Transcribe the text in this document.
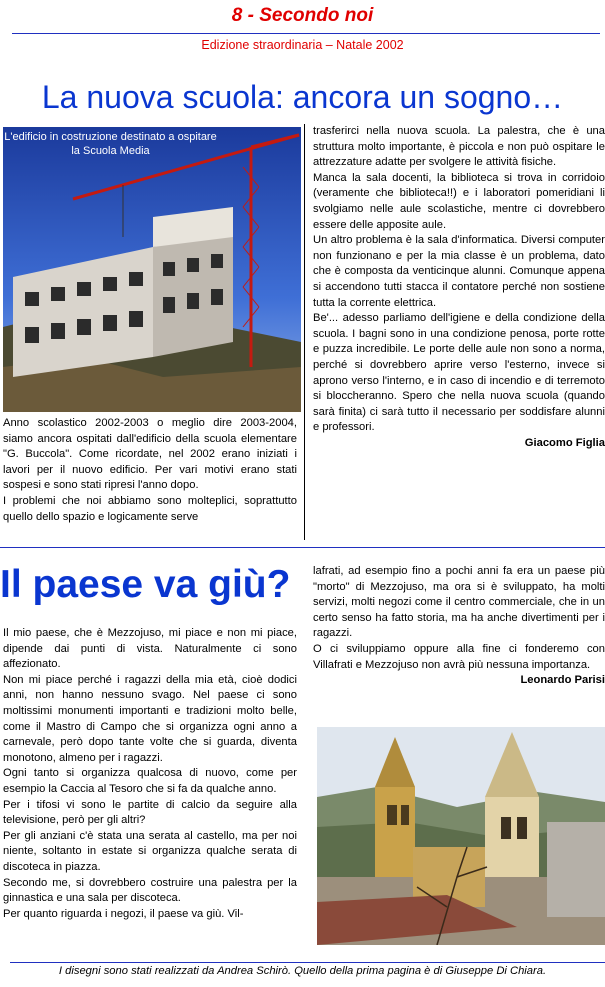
8 - Secondo noi
Edizione straordinaria – Natale 2002
La nuova scuola: ancora un sogno…
L'edificio in costruzione destinato a ospitare la Scuola Media

Anno scolastico 2002-2003 o meglio dire 2003-2004, siamo ancora ospitati dall'edificio della scuola elementare "G. Buccola". Come ricordate, nel 2002 erano iniziati i lavori per il nuovo edificio. Per vari motivi erano stati sospesi e sono stati ripresi l'anno dopo.

I problemi che noi abbiamo sono molteplici, soprattutto quello dello spazio e logicamente serve

trasferirci nella nuova scuola. La palestra, che è una struttura molto importante, è piccola e non può ospitare le attrezzature adatte per svolgere le attività fisiche.

Manca la sala docenti, la biblioteca si trova in corridoio (veramente che biblioteca!!) e i laboratori pomeridiani li svolgiamo nelle aule scolastiche, mentre ci dovrebbero essere delle apposite aule.

Un altro problema è la sala d'informatica. Diversi computer non funzionano e per la mia classe è un problema, dato che è composta da venticinque alunni. Comunque appena si accendono tutti stacca il contatore perché non sostiene tutta la corrente elettrica.

Be'... adesso parliamo dell'igiene e della condizione della scuola. I bagni sono in una condizione penosa, porte rotte e puzza incredibile. Le porte delle aule non sono a norma, perché si dovrebbero aprire verso l'esterno, invece si aprono verso l'interno, e in caso di incendio e di terremoto si bloccheranno. Spero che nella nuova scuola (quando sarà finita) ci sarà tutto il necessario per soddisfare alunni e professori.

Giacomo Figlia
Il paese va giù?

Il mio paese, che è Mezzojuso, mi piace e non mi piace, dipende dai punti di vista. Naturalmente ci sono affezionato.

Non mi piace perché i ragazzi della mia età, cioè dodici anni, non hanno nessuno svago. Nel paese ci sono moltissimi monumenti importanti e tradizioni molto belle, come il Mastro di Campo che si organizza ogni anno a carnevale, però dopo tante volte che si guarda, diventa monotono, almeno per i ragazzi.

Ogni tanto si organizza qualcosa di nuovo, come per esempio la Caccia al Tesoro che si fa da qualche anno.

Per i tifosi vi sono le partite di calcio da seguire alla televisione, però per gli altri?

Per gli anziani c'è stata una serata al castello, ma per noi niente, soltanto in estate si organizza qualche serata di discoteca in piazza.

Secondo me, si dovrebbero costruire una palestra per la ginnastica e una sala per discoteca.

Per quanto riguarda i negozi, il paese va giù. Vil-

lafrati, ad esempio fino a pochi anni fa era un paese più "morto" di Mezzojuso, ma ora si è sviluppato, ha molti servizi, molti negozi come il centro commerciale, che in un certo senso ha fatto storia, ma ha anche divertimenti per i ragazzi.

O ci sviluppiamo oppure alla fine ci fonderemo con Villafrati e Mezzojuso non avrà più nessuna importanza.

Leonardo Parisi
I disegni sono stati realizzati da Andrea Schirò. Quello della prima pagina è di Giuseppe Di Chiara.
